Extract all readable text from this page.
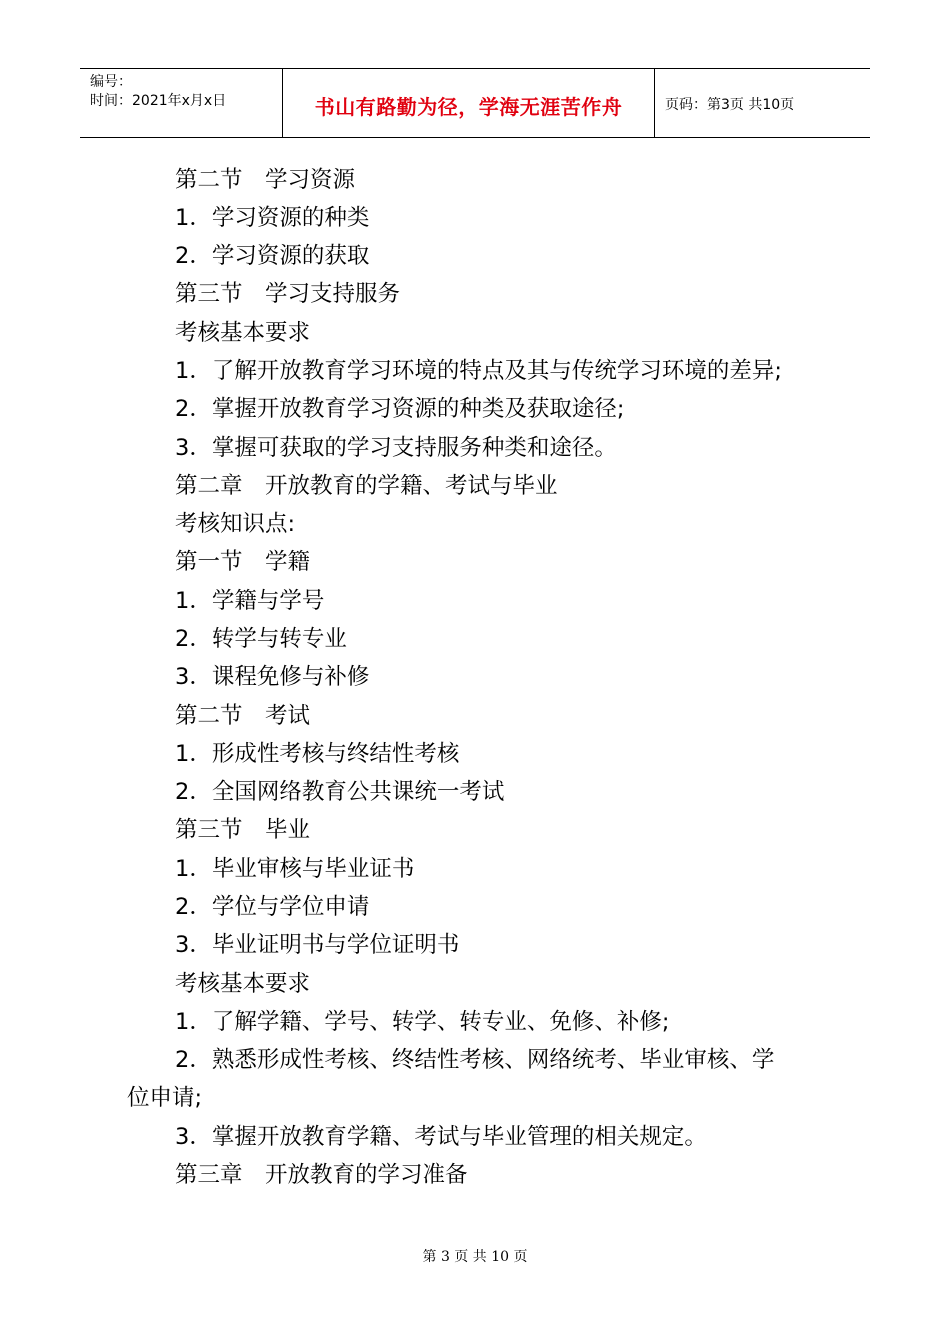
编号：
时间：2021年x月x日	书山有路勤为径，学海无涯苦作舟	页码：第3页 共10页
第二节　学习资源
1．学习资源的种类
2．学习资源的获取
第三节　学习支持服务
考核基本要求
1．了解开放教育学习环境的特点及其与传统学习环境的差异;
2．掌握开放教育学习资源的种类及获取途径;
3．掌握可获取的学习支持服务种类和途径。
第二章　开放教育的学籍、考试与毕业
考核知识点:
第一节　学籍
1．学籍与学号
2．转学与转专业
3．课程免修与补修
第二节　考试
1．形成性考核与终结性考核
2．全国网络教育公共课统一考试
第三节　毕业
1．毕业审核与毕业证书
2．学位与学位申请
3．毕业证明书与学位证明书
考核基本要求
1．了解学籍、学号、转学、转专业、免修、补修;
2．熟悉形成性考核、终结性考核、网络统考、毕业审核、学
位申请;
3．掌握开放教育学籍、考试与毕业管理的相关规定。
第三章　开放教育的学习准备
第 3 页 共 10 页
